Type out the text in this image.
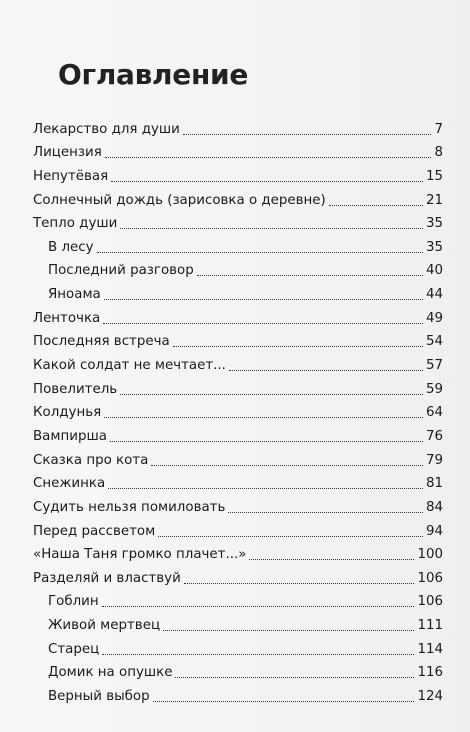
Оглавление
Лекарство для души	7
Лицензия	8
Непутёвая	15
Солнечный дождь (зарисовка о деревне)	21
Тепло души	35
В лесу	35
Последний разговор	40
Яноама	44
Ленточка	49
Последняя встреча	54
Какой солдат не мечтает...	57
Повелитель	59
Колдунья	64
Вампирша	76
Сказка про кота	79
Снежинка	81
Судить нельзя помиловать	84
Перед рассветом	94
«Наша Таня громко плачет...»	100
Разделяй и властвуй	106
Гоблин	106
Живой мертвец	111
Старец	114
Домик на опушке	116
Верный выбор	124
